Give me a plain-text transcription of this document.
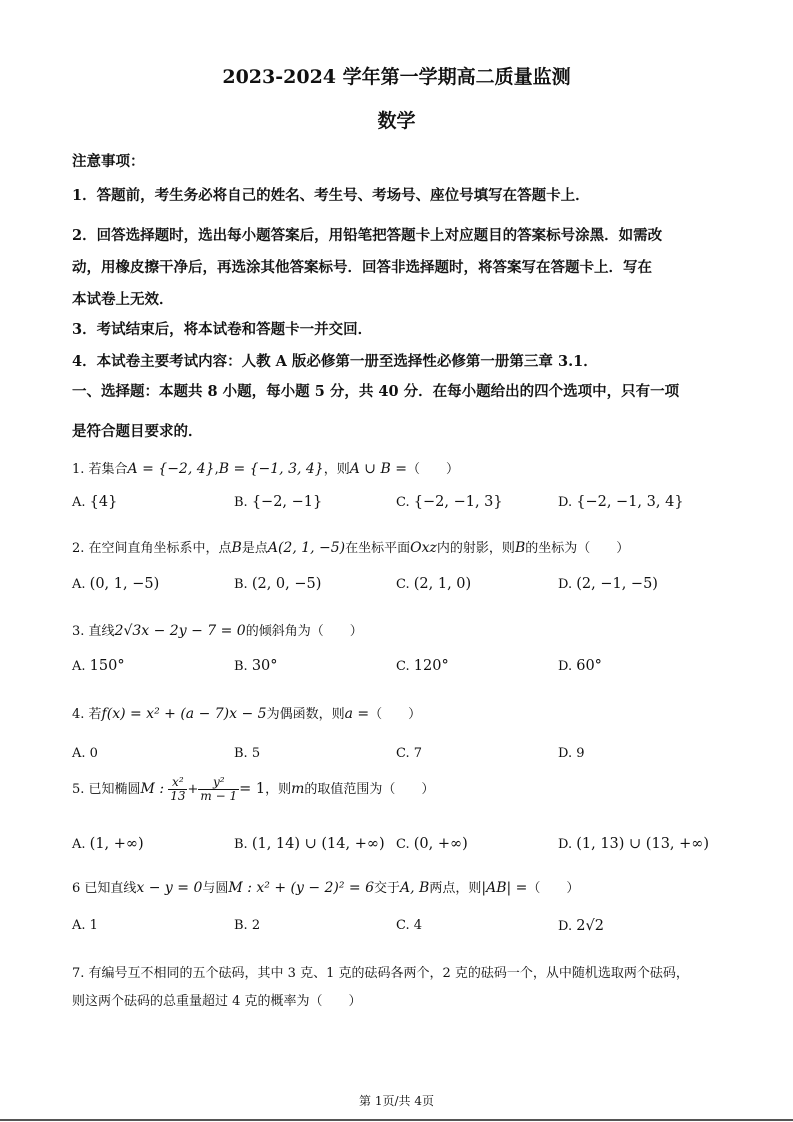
2023-2024 学年第一学期高二质量监测
数学
注意事项：
1．答题前，考生务必将自己的姓名、考生号、考场号、座位号填写在答题卡上．
2．回答选择题时，选出每小题答案后，用铅笔把答题卡上对应题目的答案标号涂黑．如需改
动，用橡皮擦干净后，再选涂其他答案标号．回答非选择题时，将答案写在答题卡上．写在
本试卷上无效．
3．考试结束后，将本试卷和答题卡一并交回．
4．本试卷主要考试内容：人教 A 版必修第一册至选择性必修第一册第三章 3.1．
一、选择题：本题共 8 小题，每小题 5 分，共 40 分．在每小题给出的四个选项中，只有一项
是符合题目要求的．
1. 若集合A = {−2, 4},B = {−1, 3, 4}，则A ∪ B =（　　）
A. {4}	B. {−2, −1}	C. {−2, −1, 3}	D. {−2, −1, 3, 4}
2. 在空间直角坐标系中，点B是点A(2, 1, −5)在坐标平面Oxz内的射影，则B的坐标为（　　）
A. (0, 1, −5)	B. (2, 0, −5)	C. (2, 1, 0)	D. (2, −1, −5)
3. 直线2√3x − 2y − 7 = 0的倾斜角为（　　）
A. 150°	B. 30°	C. 120°	D. 60°
4. 若f(x) = x² + (a − 7)x − 5为偶函数，则a =（　　）
A. 0	B. 5	C. 7	D. 9
5. 已知椭圆M : $\frac{\text{x²}}{13} + \frac{\text{y²}}{m - 1} = 1$，则m的取值范围为（　　）
A. (1, +∞)	B. (1, 14) ∪ (14, +∞) C. (0, +∞)	D. (1, 13) ∪ (13, +∞)
6 已知直线x − y = 0与圆M : x² + (y − 2)² = 6交于A, B两点，则|AB| =（　　）
A. 1	B. 2	C. 4	D. 2√2
7. 有编号互不相同的五个砝码，其中 3 克、1 克的砝码各两个，2 克的砝码一个，从中随机选取两个砝码，
则这两个砝码的总重量超过 4 克的概率为（　　）
第 1页/共 4页
